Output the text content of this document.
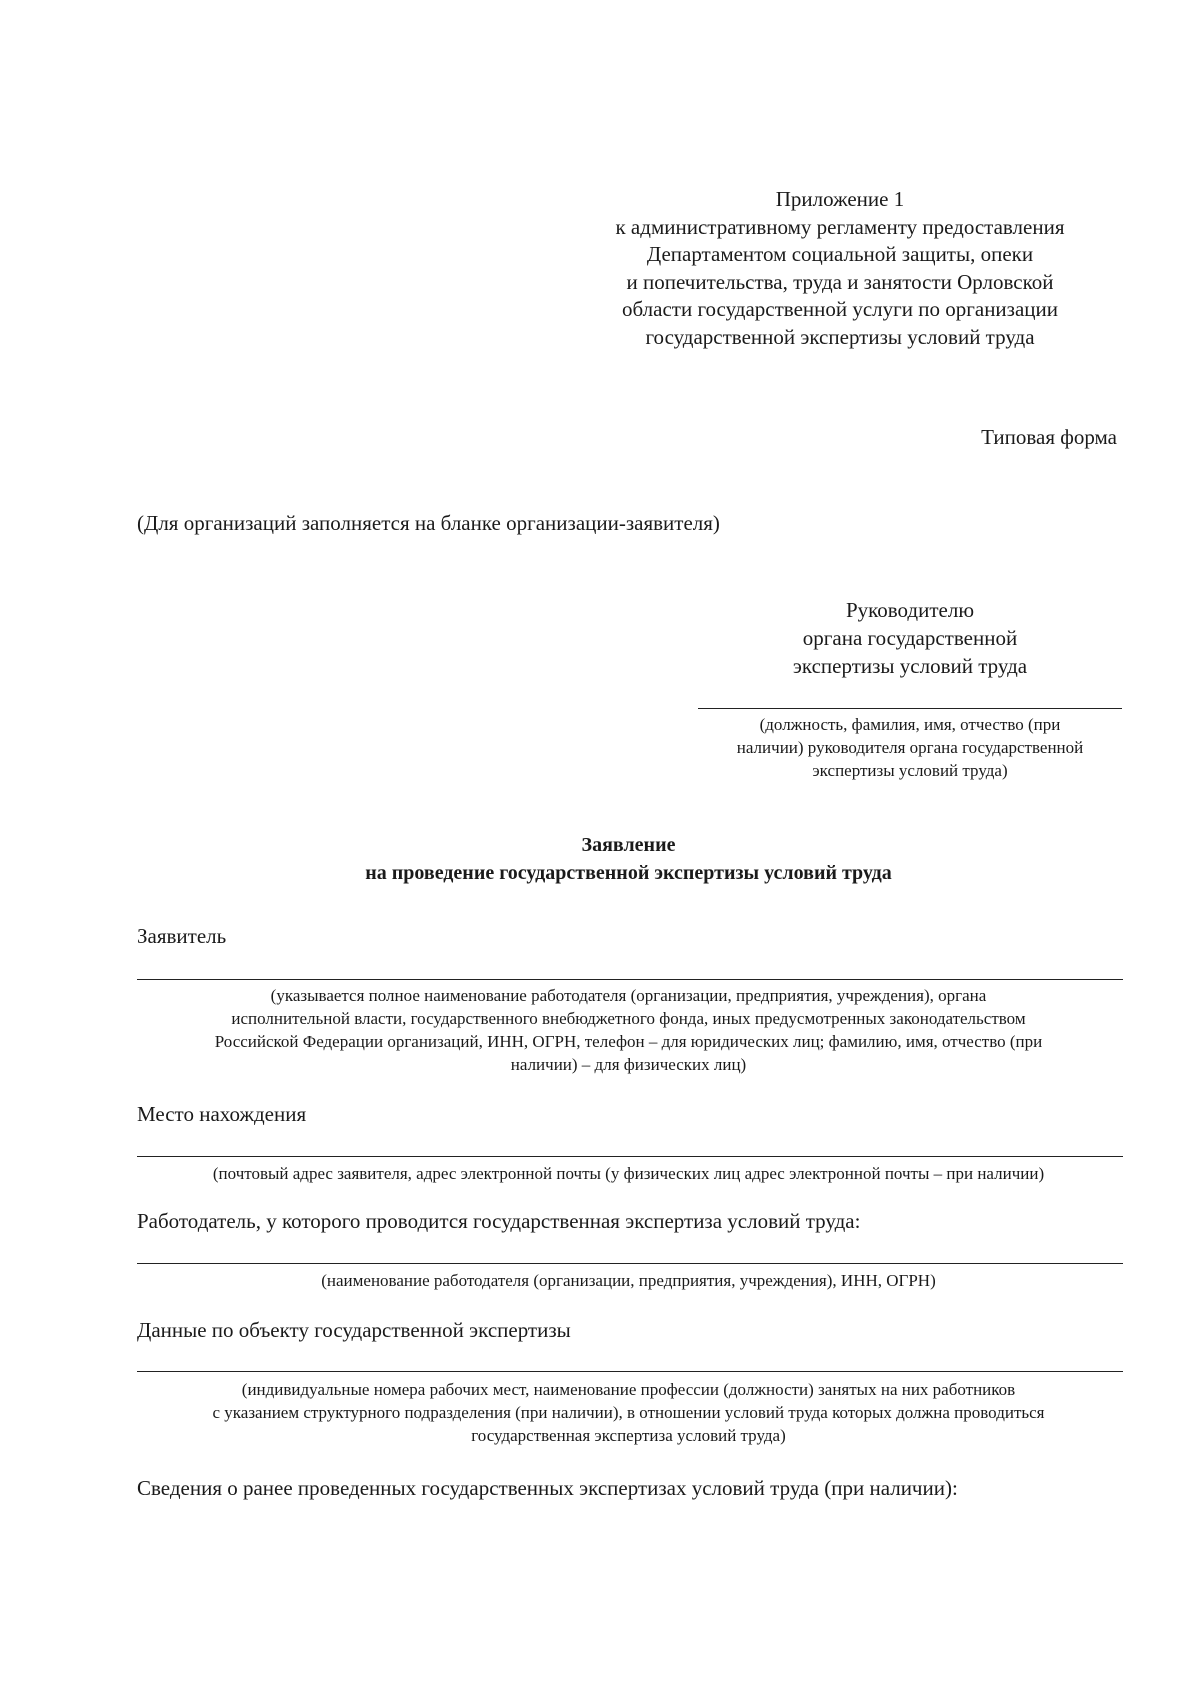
Приложение 1
к административному регламенту предоставления
Департаментом социальной защиты, опеки
и попечительства, труда и занятости Орловской
области государственной услуги по организации
государственной экспертизы условий труда
Типовая форма
(Для организаций заполняется на бланке организации-заявителя)
Руководителю
органа государственной
экспертизы условий труда
(должность, фамилия, имя, отчество (при
наличии) руководителя органа государственной
экспертизы условий труда)
Заявление
на проведение государственной экспертизы условий труда
Заявитель
(указывается полное наименование работодателя (организации, предприятия, учреждения), органа
исполнительной власти, государственного внебюджетного фонда, иных предусмотренных законодательством
Российской Федерации организаций, ИНН, ОГРН, телефон – для юридических лиц; фамилию, имя, отчество (при
наличии) – для физических лиц)
Место нахождения
(почтовый адрес заявителя, адрес электронной почты (у физических лиц адрес электронной почты – при наличии)
Работодатель, у которого проводится государственная экспертиза условий труда:
(наименование работодателя (организации, предприятия, учреждения), ИНН, ОГРН)
Данные по объекту государственной экспертизы
(индивидуальные номера рабочих мест, наименование профессии (должности) занятых на них работников
с указанием структурного подразделения (при наличии), в отношении условий труда которых должна проводиться
государственная экспертиза условий труда)
Сведения о ранее проведенных государственных экспертизах условий труда (при наличии):
